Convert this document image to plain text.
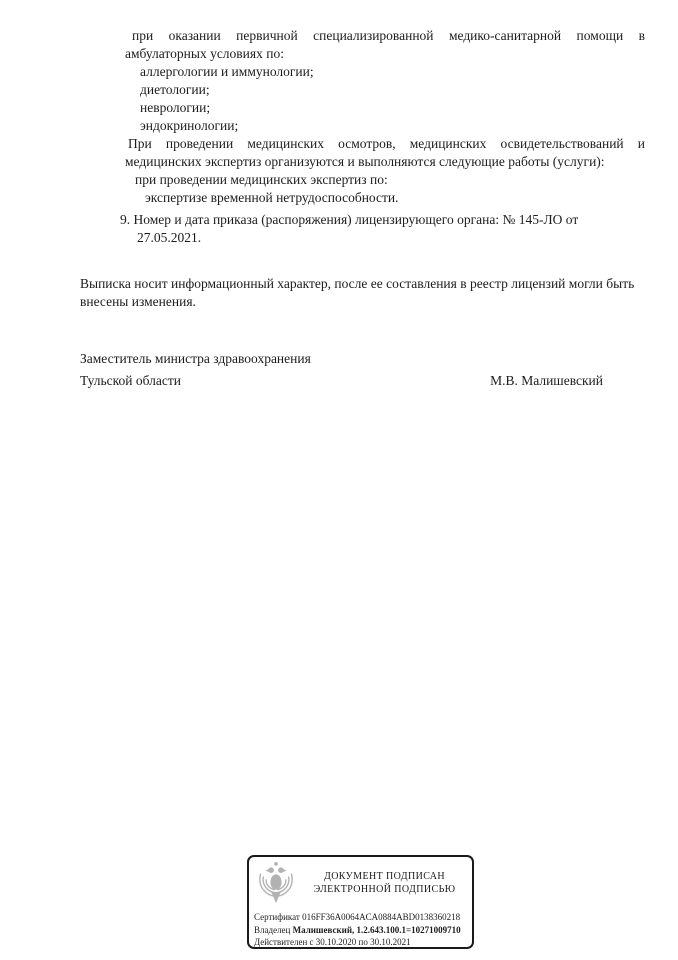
при оказании первичной специализированной медико-санитарной помощи в
амбулаторных условиях по:
аллергологии и иммунологии;
диетологии;
неврологии;
эндокринологии;
При проведении медицинских осмотров, медицинских освидетельствований и
медицинских экспертиз организуются и выполняются следующие работы (услуги):
при проведении медицинских экспертиз по:
экспертизе временной нетрудоспособности.
9. Номер и дата приказа (распоряжения) лицензирующего органа: № 145-ЛО от
27.05.2021.
Выписка носит информационный характер, после ее составления в реестр лицензий могли быть
внесены изменения.
Заместитель министра здравоохранения
Тульской области	М.В. Малишевский
ДОКУМЕНТ ПОДПИСАН
ЭЛЕКТРОННОЙ ПОДПИСЬЮ
Сертификат 016FF36A0064ACA0884ABD0138360218
Владелец Малишевский, 1.2.643.100.1=10271009710
Действителен с 30.10.2020 по 30.10.2021
